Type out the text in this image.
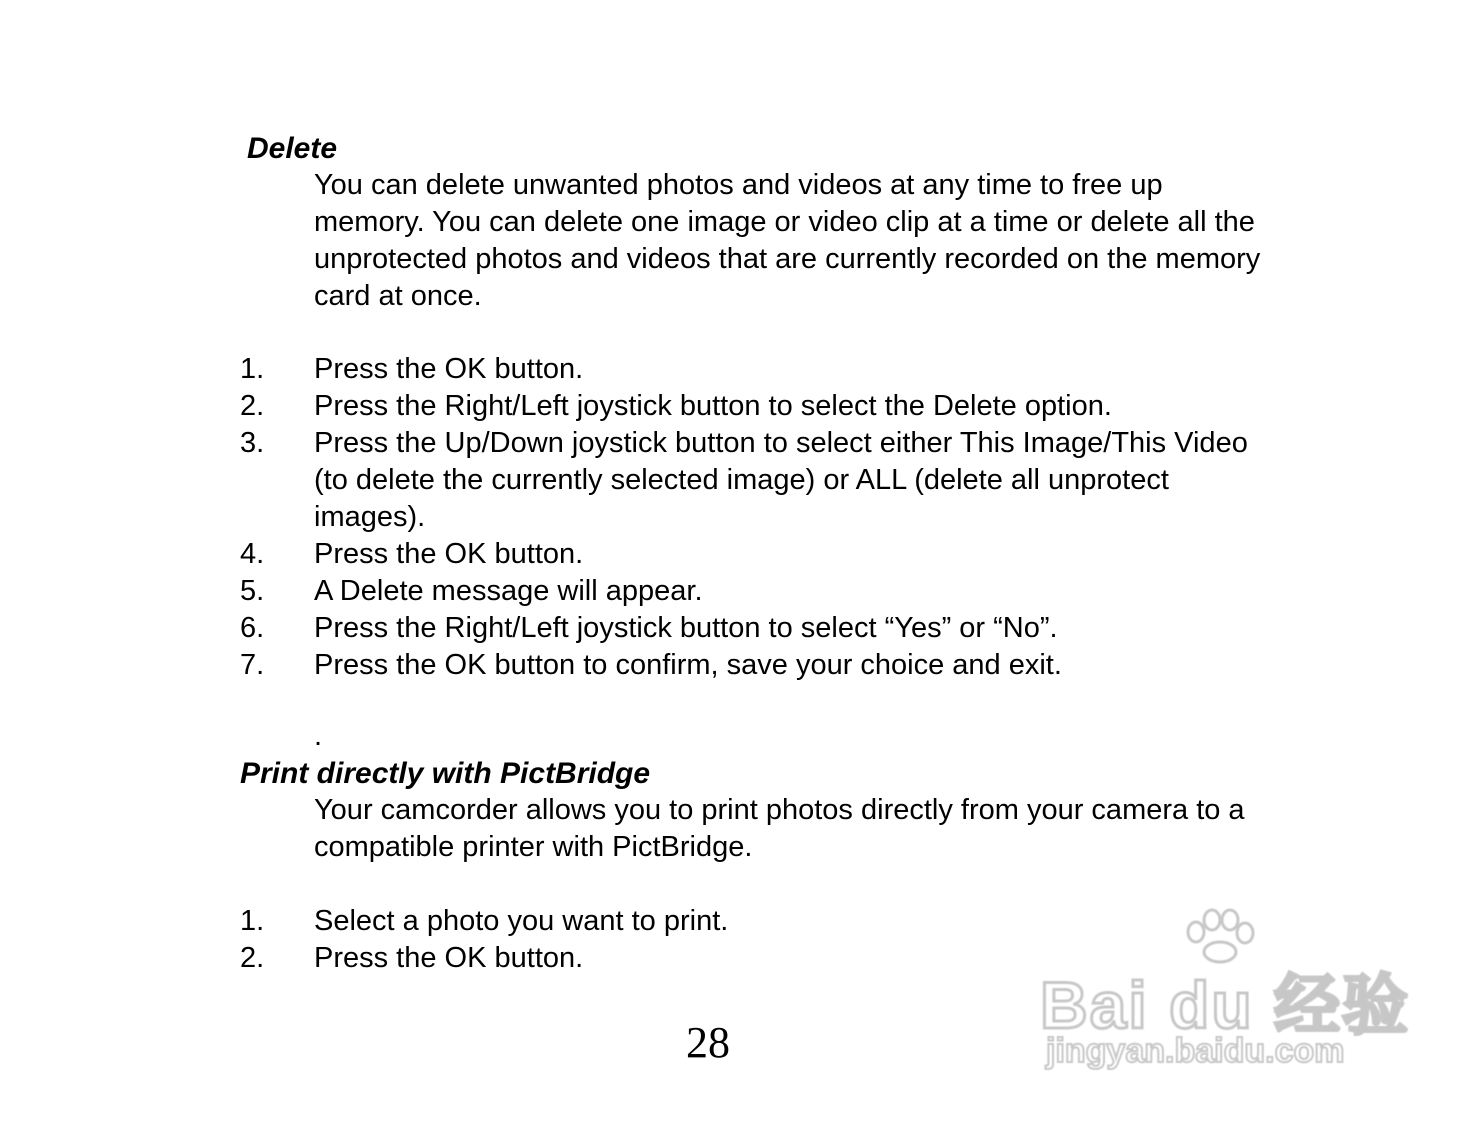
Delete
You can delete unwanted photos and videos at any time to free up
memory. You can delete one image or video clip at a time or delete all the
unprotected photos and videos that are currently recorded on the memory
card at once.
1. Press the OK button.
2. Press the Right/Left joystick button to select the Delete option.
3. Press the Up/Down joystick button to select either This Image/This Video
(to delete the currently selected image) or ALL (delete all unprotect
images).
4. Press the OK button.
5. A Delete message will appear.
6. Press the Right/Left joystick button to select “Yes” or “No”.
7. Press the OK button to confirm, save your choice and exit.
.
Print directly with PictBridge
Your camcorder allows you to print photos directly from your camera to a
compatible printer with PictBridge.
1. Select a photo you want to print.
2. Press the OK button.
28
Bai du 经验
jingyan.baidu.com
